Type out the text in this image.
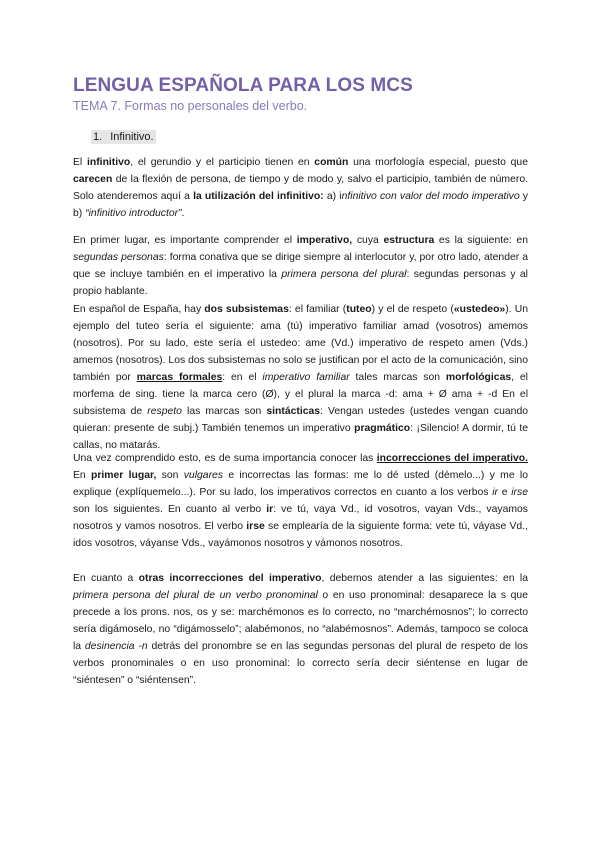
LENGUA ESPAÑOLA PARA LOS MCS
TEMA 7. Formas no personales del verbo.
1. Infinitivo.

El infinitivo, el gerundio y el participio tienen en común una morfología especial, puesto que carecen de la flexión de persona, de tiempo y de modo y, salvo el participio, también de número. Solo atenderemos aquí a la utilización del infinitivo: a) infinitivo con valor del modo imperativo y b) “infinitivo introductor”.

En primer lugar, es importante comprender el imperativo, cuya estructura es la siguiente: en segundas personas: forma conativa que se dirige siempre al interlocutor y, por otro lado, atender a que se incluye también en el imperativo la primera persona del plural: segundas personas y al propio hablante.

En español de España, hay dos subsistemas: el familiar (tuteo) y el de respeto («ustedeo»). Un ejemplo del tuteo sería el siguiente: ama (tú) imperativo familiar amad (vosotros) amemos (nosotros). Por su lado, este sería el ustedeo: ame (Vd.) imperativo de respeto amen (Vds.) amemos (nosotros). Los dos subsistemas no solo se justifican por el acto de la comunicación, sino también por marcas formales: en el imperativo familiar tales marcas son morfológicas, el morfema de sing. tiene la marca cero (Ø), y el plural la marca -d: ama + Ø ama + -d En el subsistema de respeto las marcas son sintácticas: Vengan ustedes (ustedes vengan cuando quieran: presente de subj.) También tenemos un imperativo pragmático: ¡Silencio! A dormir, tú te callas, no matarás.

Una vez comprendido esto, es de suma importancia conocer las incorrecciones del imperativo. En primer lugar, son vulgares e incorrectas las formas: me lo dé usted (démelo...) y me lo explique (explíquemelo...). Por su lado, los imperativos correctos en cuanto a los verbos ir e irse son los siguientes. En cuanto al verbo ir: ve tú, vaya Vd., id vosotros, vayan Vds., vayamos nosotros y vamos nosotros. El verbo irse se emplearía de la siguiente forma: vete tú, váyase Vd., idos vosotros, váyanse Vds., vayámonos nosotros y vámonos nosotros.

En cuanto a otras incorrecciones del imperativo, debemos atender a las siguientes: en la primera persona del plural de un verbo pronominal o en uso pronominal: desaparece la s que precede a los prons. nos, os y se: marchémonos es lo correcto, no “marchémosnos”; lo correcto sería digámoselo, no “digámosselo”; alabémonos, no “alabémosnos”. Además, tampoco se coloca la desinencia -n detrás del pronombre se en las segundas personas del plural de respeto de los verbos pronominales o en uso pronominal: lo correcto sería decir siéntense en lugar de “siéntesen” o “siéntensen”.
